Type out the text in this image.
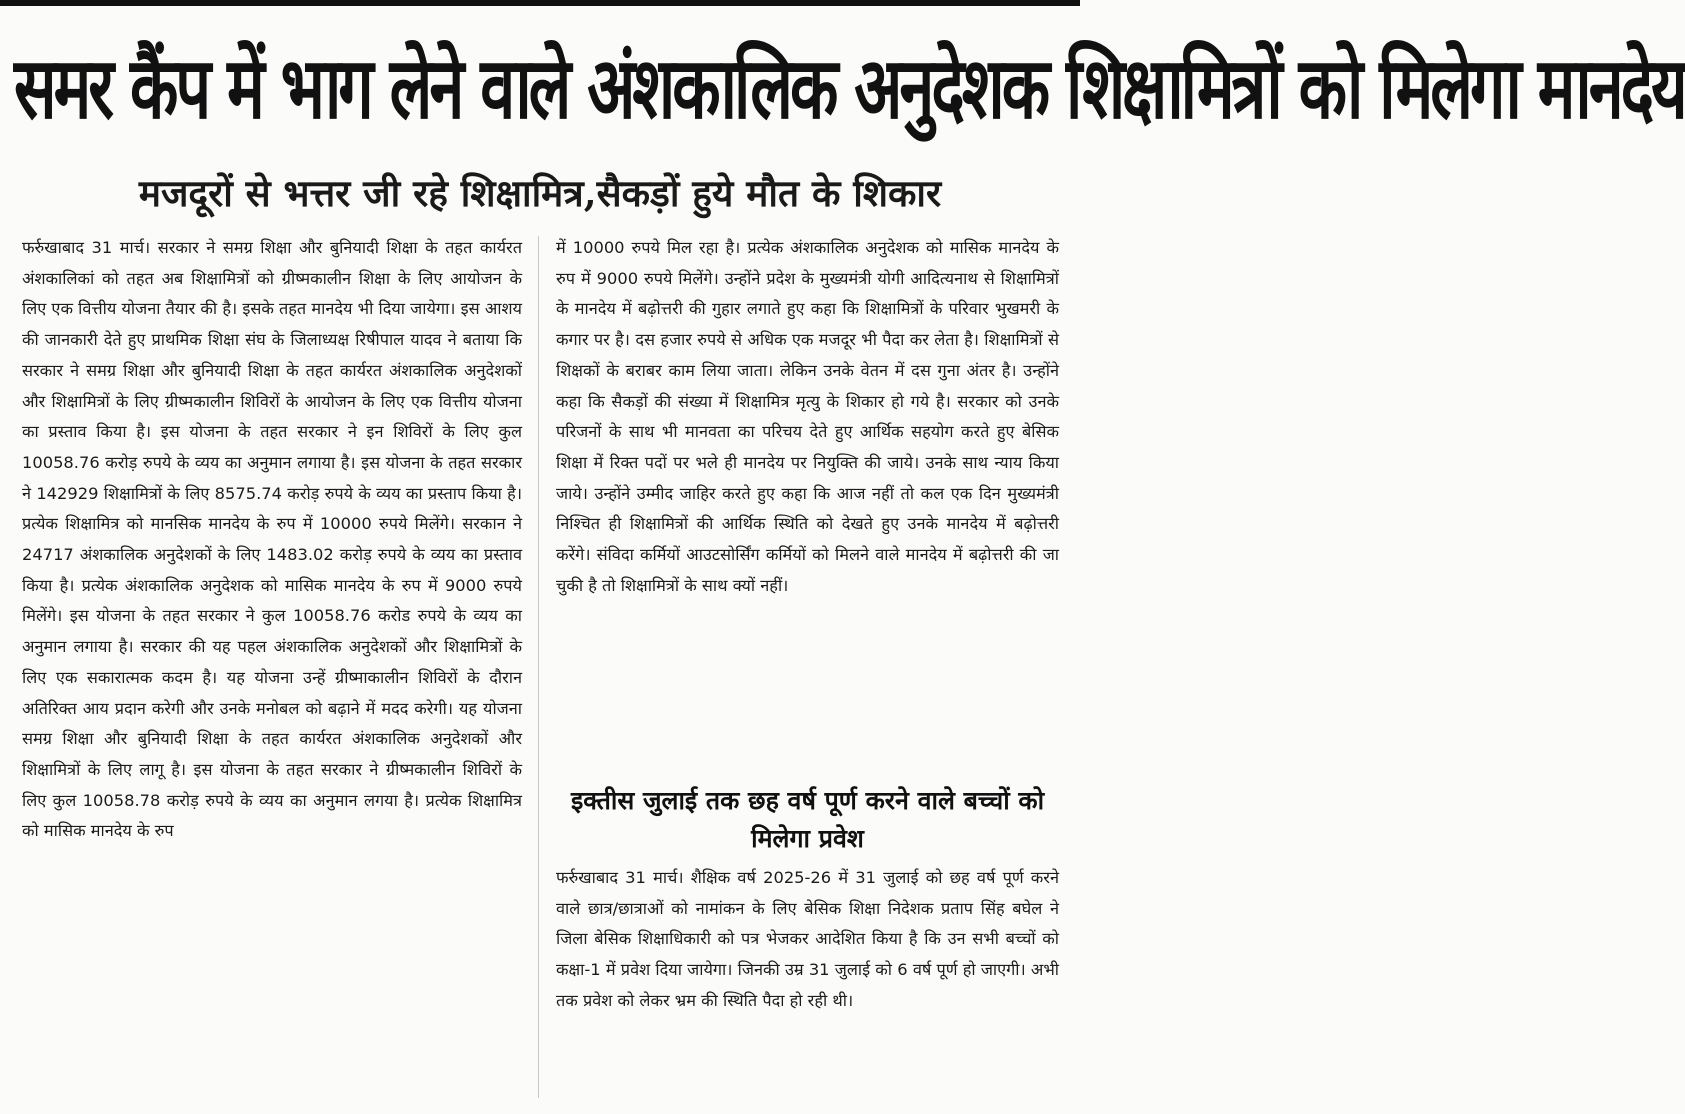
समर कैंप में भाग लेने वाले अंशकालिक अनुदेशक शिक्षामित्रों को मिलेगा मानदेय
मजदूरों से भत्तर जी रहे शिक्षामित्र,सैकड़ों हुये मौत के शिकार

फर्रुखाबाद 31 मार्च। सरकार ने समग्र शिक्षा और बुनियादी शिक्षा के तहत कार्यरत अंशकालिकां को तहत अब शिक्षामित्रों को ग्रीष्मकालीन शिक्षा के लिए आयोजन के लिए एक वित्तीय योजना तैयार की है। इसके तहत मानदेय भी दिया जायेगा। इस आशय की जानकारी देते हुए प्राथमिक शिक्षा संघ के जिलाध्यक्ष रिषीपाल यादव ने बताया कि सरकार ने समग्र शिक्षा और बुनियादी शिक्षा के तहत कार्यरत अंशकालिक अनुदेशकों और शिक्षामित्रों के लिए ग्रीष्मकालीन शिविरों के आयोजन के लिए एक वित्तीय योजना का प्रस्ताव किया है। इस योजना के तहत सरकार ने इन शिविरों के लिए कुल 10058.76 करोड़ रुपये के व्यय का अनुमान लगाया है। इस योजना के तहत सरकार ने 142929 शिक्षामित्रों के लिए 8575.74 करोड़ रुपये के व्यय का प्रस्ताप किया है। प्रत्येक शिक्षामित्र को मानसिक मानदेय के रुप में 10000 रुपये मिलेंगे। सरकान ने 24717 अंशकालिक अनुदेशकों के लिए 1483.02 करोड़ रुपये के व्यय का प्रस्ताव किया है। प्रत्येक अंशकालिक अनुदेशक को मासिक मानदेय के रुप में 9000 रुपये मिलेंगे। इस योजना के तहत सरकार ने कुल 10058.76 करोड रुपये के व्यय का अनुमान लगाया है। सरकार की यह पहल अंशकालिक अनुदेशकों और शिक्षामित्रों के लिए एक सकारात्मक कदम है। यह योजना उन्हें ग्रीष्माकालीन शिविरों के दौरान अतिरिक्त आय प्रदान करेगी और उनके मनोबल को बढ़ाने में मदद करेगी। यह योजना समग्र शिक्षा और बुनियादी शिक्षा के तहत कार्यरत अंशकालिक अनुदेशकों और शिक्षामित्रों के लिए लागू है। इस योजना के तहत सरकार ने ग्रीष्मकालीन शिविरों के लिए कुल 10058.78 करोड़ रुपये के व्यय का अनुमान लगया है। प्रत्येक शिक्षामित्र को मासिक मानदेय के रुप

में 10000 रुपये मिल रहा है। प्रत्येक अंशकालिक अनुदेशक को मासिक मानदेय के रुप में 9000 रुपये मिलेंगे। उन्होंने प्रदेश के मुख्यमंत्री योगी आदित्यनाथ से शिक्षामित्रों के मानदेय में बढ़ोत्तरी की गुहार लगाते हुए कहा कि शिक्षामित्रों के परिवार भुखमरी के कगार पर है। दस हजार रुपये से अधिक एक मजदूर भी पैदा कर लेता है। शिक्षामित्रों से शिक्षकों के बराबर काम लिया जाता। लेकिन उनके वेतन में दस गुना अंतर है। उन्होंने कहा कि सैकड़ों की संख्या में शिक्षामित्र मृत्यु के शिकार हो गये है। सरकार को उनके परिजनों के साथ भी मानवता का परिचय देते हुए आर्थिक सहयोग करते हुए बेसिक शिक्षा में रिक्त पदों पर भले ही मानदेय पर नियुक्ति की जाये। उनके साथ न्याय किया जाये। उन्होंने उम्मीद जाहिर करते हुए कहा कि आज नहीं तो कल एक दिन मुख्यमंत्री निश्चित ही शिक्षामित्रों की आर्थिक स्थिति को देखते हुए उनके मानदेय में बढ़ोत्तरी करेंगे। संविदा कर्मियों आउटसोर्सिंग कर्मियों को मिलने वाले मानदेय में बढ़ोत्तरी की जा चुकी है तो शिक्षामित्रों के साथ क्यों नहीं।

इक्तीस जुलाई तक छह वर्ष पूर्ण करने वाले बच्चों को मिलेगा प्रवेश

फर्रुखाबाद 31 मार्च। शैक्षिक वर्ष 2025-26 में 31 जुलाई को छह वर्ष पूर्ण करने वाले छात्र/छात्राओं को नामांकन के लिए बेसिक शिक्षा निदेशक प्रताप सिंह बघेल ने जिला बेसिक शिक्षाधिकारी को पत्र भेजकर आदेशित किया है कि उन सभी बच्चों को कक्षा-1 में प्रवेश दिया जायेगा। जिनकी उम्र 31 जुलाई को 6 वर्ष पूर्ण हो जाएगी। अभी तक प्रवेश को लेकर भ्रम की स्थिति पैदा हो रही थी।
